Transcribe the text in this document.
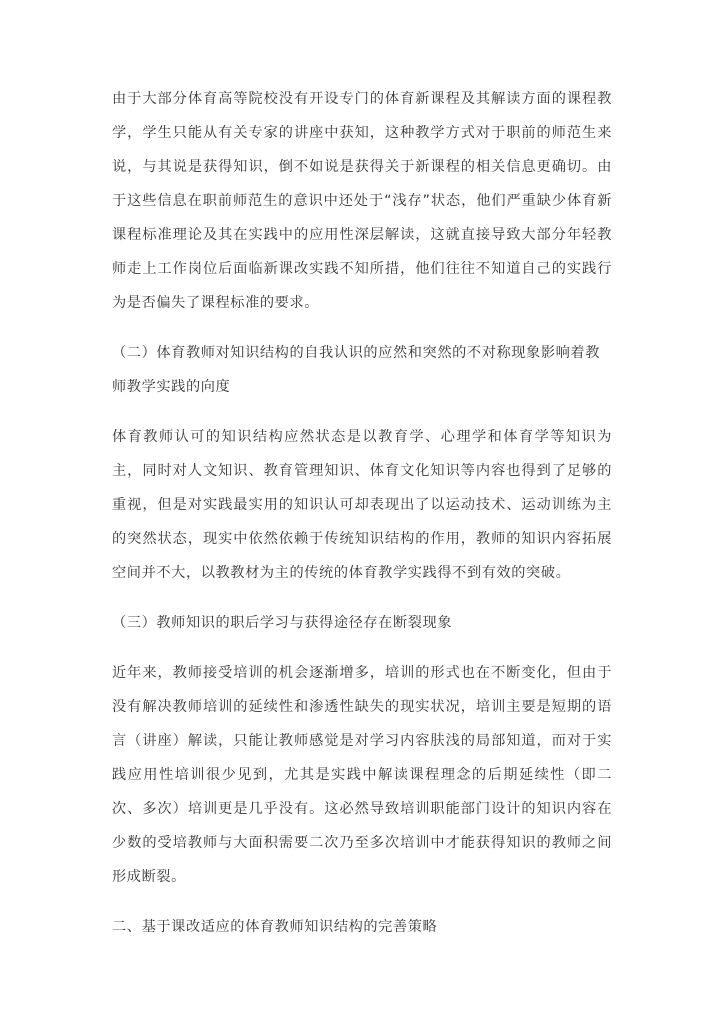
由于大部分体育高等院校没有开设专门的体育新课程及其解读方面的课程教学，学生只能从有关专家的讲座中获知，这种教学方式对于职前的师范生来说，与其说是获得知识，倒不如说是获得关于新课程的相关信息更确切。由于这些信息在职前师范生的意识中还处于“浅存”状态，他们严重缺少体育新课程标准理论及其在实践中的应用性深层解读，这就直接导致大部分年轻教师走上工作岗位后面临新课改实践不知所措，他们往往不知道自己的实践行为是否偏失了课程标准的要求。

（二）体育教师对知识结构的自我认识的应然和突然的不对称现象影响着教师教学实践的向度

体育教师认可的知识结构应然状态是以教育学、心理学和体育学等知识为主，同时对人文知识、教育管理知识、体育文化知识等内容也得到了足够的重视，但是对实践最实用的知识认可却表现出了以运动技术、运动训练为主的突然状态，现实中依然依赖于传统知识结构的作用，教师的知识内容拓展空间并不大，以教教材为主的传统的体育教学实践得不到有效的突破。

（三）教师知识的职后学习与获得途径存在断裂现象

近年来，教师接受培训的机会逐渐增多，培训的形式也在不断变化，但由于没有解决教师培训的延续性和渗透性缺失的现实状况，培训主要是短期的语言（讲座）解读，只能让教师感觉是对学习内容肤浅的局部知道，而对于实践应用性培训很少见到，尤其是实践中解读课程理念的后期延续性（即二次、多次）培训更是几乎没有。这必然导致培训职能部门设计的知识内容在少数的受培教师与大面积需要二次乃至多次培训中才能获得知识的教师之间形成断裂。

二、基于课改适应的体育教师知识结构的完善策略
